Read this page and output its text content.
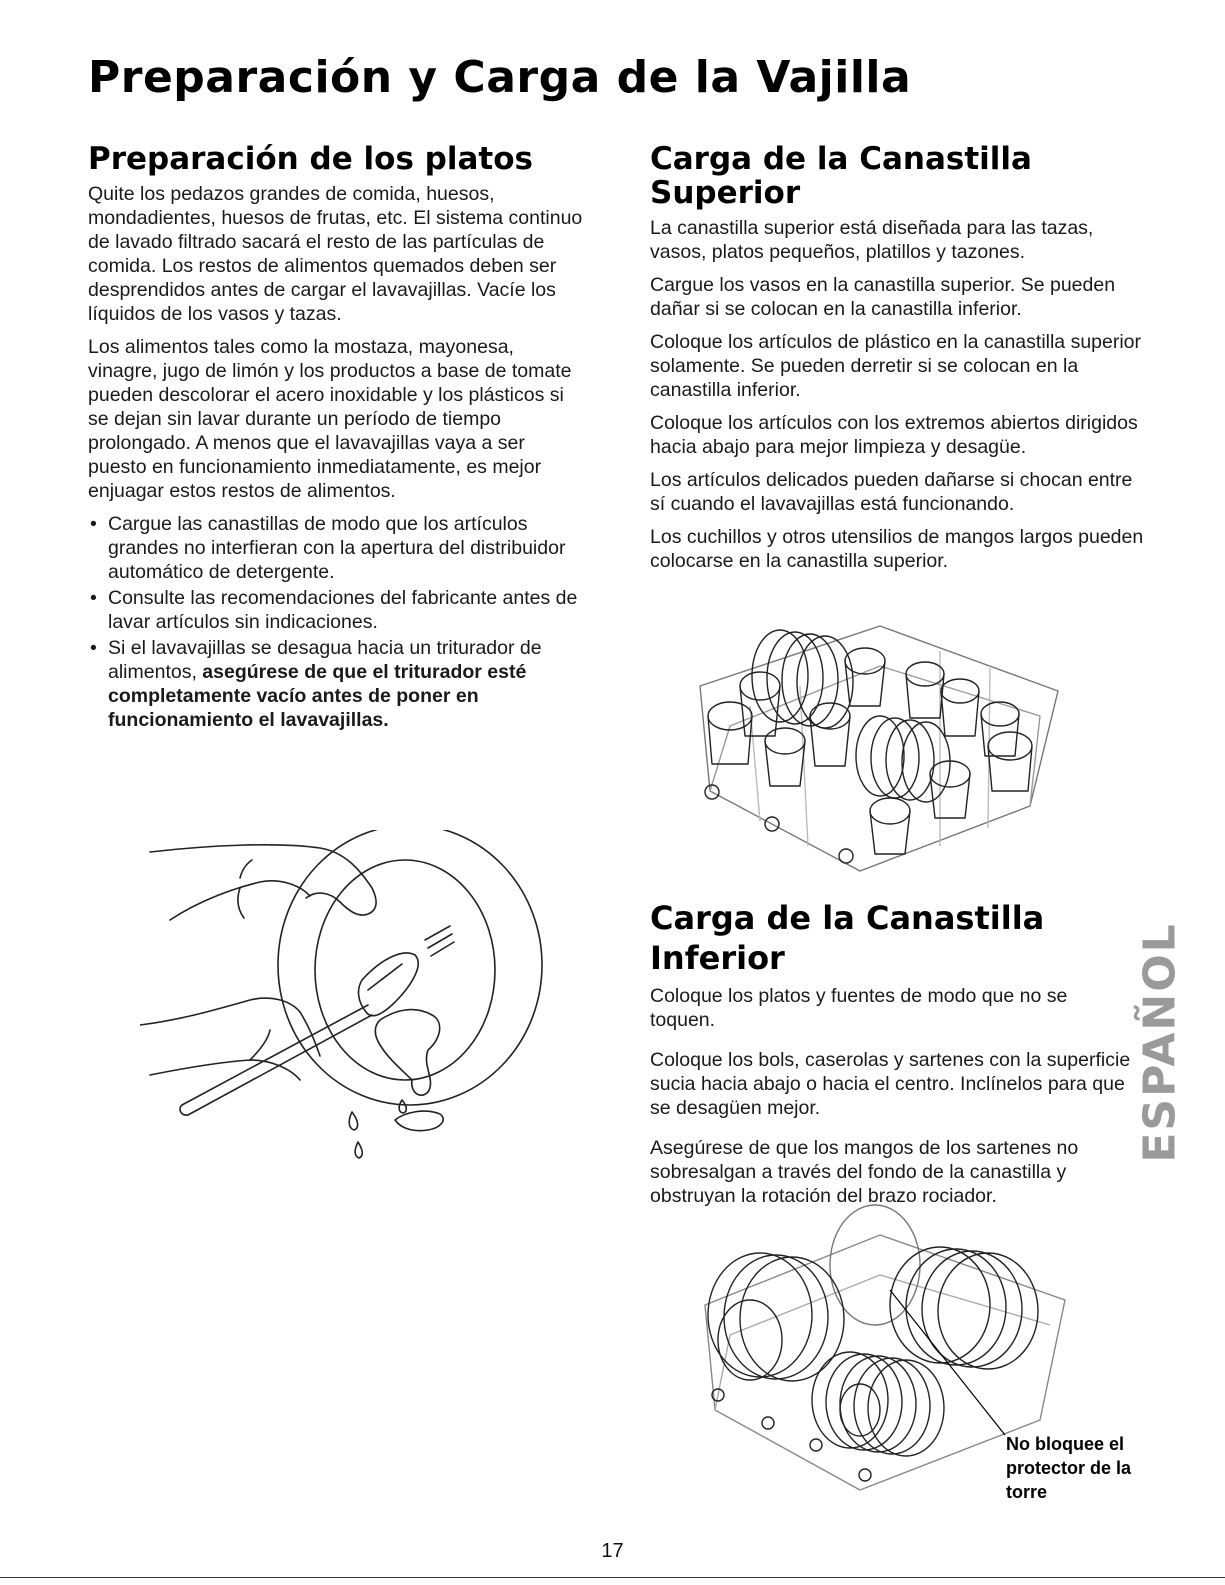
Preparación y Carga de la Vajilla
Preparación de los platos

Quite los pedazos grandes de comida, huesos, mondadientes, huesos de frutas, etc. El sistema continuo de lavado filtrado sacará el resto de las partículas de comida. Los restos de alimentos quemados deben ser desprendidos antes de cargar el lavavajillas. Vacíe los líquidos de los vasos y tazas.

Los alimentos tales como la mostaza, mayonesa, vinagre, jugo de limón y los productos a base de tomate pueden descolorar el acero inoxidable y los plásticos si se dejan sin lavar durante un período de tiempo prolongado. A menos que el lavavajillas vaya a ser puesto en funcionamiento inmediatamente, es mejor enjuagar estos restos de alimentos.

• Cargue las canastillas de modo que los artículos grandes no interfieran con la apertura del distribuidor automático de detergente.
• Consulte las recomendaciones del fabricante antes de lavar artículos sin indicaciones.
• Si el lavavajillas se desagua hacia un triturador de alimentos, asegúrese de que el triturador esté completamente vacío antes de poner en funcionamiento el lavavajillas.
Carga de la Canastilla Superior

La canastilla superior está diseñada para las tazas, vasos, platos pequeños, platillos y tazones.

Cargue los vasos en la canastilla superior. Se pueden dañar si se colocan en la canastilla inferior.

Coloque los artículos de plástico en la canastilla superior solamente. Se pueden derretir si se colocan en la canastilla inferior.

Coloque los artículos con los extremos abiertos dirigidos hacia abajo para mejor limpieza y desagüe.

Los artículos delicados pueden dañarse si chocan entre sí cuando el lavavajillas está funcionando.

Los cuchillos y otros utensilios de mangos largos pueden colocarse en la canastilla superior.

Carga de la Canastilla Inferior

Coloque los platos y fuentes de modo que no se toquen.

Coloque los bols, caserolas y sartenes con la superficie sucia hacia abajo o hacia el centro. Inclínelos para que se desagüen mejor.

Asegúrese de que los mangos de los sartenes no sobresalgan a través del fondo de la canastilla y obstruyan la rotación del brazo rociador.

No bloquee el protector de la torre
ESPAÑOL
17
